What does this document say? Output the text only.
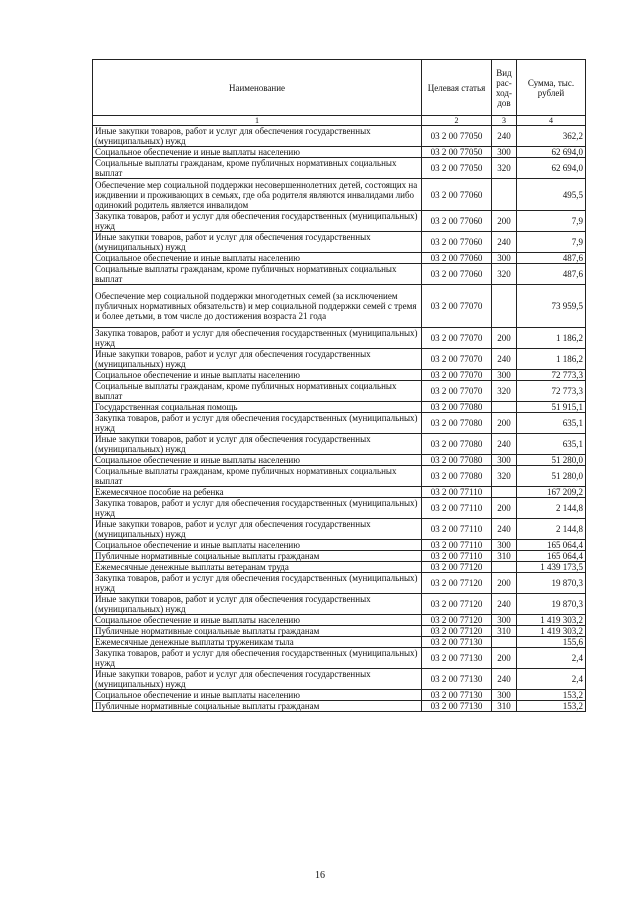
Наименование	Целевая статья	Вид рас-ход-дов	Сумма, тыс. рублей
1	2	3	4
Иные закупки товаров, работ и услуг для обеспечения государственных (муниципальных) нужд	03 2 00 77050	240	362,2
Социальное обеспечение и иные выплаты населению	03 2 00 77050	300	62 694,0
Социальные выплаты гражданам, кроме публичных нормативных социальных выплат	03 2 00 77050	320	62 694,0
Обеспечение мер социальной поддержки несовершеннолетних детей, состоящих на иждивении и проживающих в семьях, где оба родителя являются инвалидами либо одинокий родитель является инвалидом	03 2 00 77060		495,5
Закупка товаров, работ и услуг для обеспечения государственных (муниципальных) нужд	03 2 00 77060	200	7,9
Иные закупки товаров, работ и услуг для обеспечения государственных (муниципальных) нужд	03 2 00 77060	240	7,9
Социальное обеспечение и иные выплаты населению	03 2 00 77060	300	487,6
Социальные выплаты гражданам, кроме публичных нормативных социальных выплат	03 2 00 77060	320	487,6
Обеспечение мер социальной поддержки многодетных семей (за исключением публичных нормативных обязательств) и мер социальной поддержки семей с тремя и более детьми, в том числе до достижения возраста 21 года	03 2 00 77070		73 959,5
Закупка товаров, работ и услуг для обеспечения государственных (муниципальных) нужд	03 2 00 77070	200	1 186,2
Иные закупки товаров, работ и услуг для обеспечения государственных (муниципальных) нужд	03 2 00 77070	240	1 186,2
Социальное обеспечение и иные выплаты населению	03 2 00 77070	300	72 773,3
Социальные выплаты гражданам, кроме публичных нормативных социальных выплат	03 2 00 77070	320	72 773,3
Государственная социальная помощь	03 2 00 77080		51 915,1
Закупка товаров, работ и услуг для обеспечения государственных (муниципальных) нужд	03 2 00 77080	200	635,1
Иные закупки товаров, работ и услуг для обеспечения государственных (муниципальных) нужд	03 2 00 77080	240	635,1
Социальное обеспечение и иные выплаты населению	03 2 00 77080	300	51 280,0
Социальные выплаты гражданам, кроме публичных нормативных социальных выплат	03 2 00 77080	320	51 280,0
Ежемесячное пособие на ребенка	03 2 00 77110		167 209,2
Закупка товаров, работ и услуг для обеспечения государственных (муниципальных) нужд	03 2 00 77110	200	2 144,8
Иные закупки товаров, работ и услуг для обеспечения государственных (муниципальных) нужд	03 2 00 77110	240	2 144,8
Социальное обеспечение и иные выплаты населению	03 2 00 77110	300	165 064,4
Публичные нормативные социальные выплаты гражданам	03 2 00 77110	310	165 064,4
Ежемесячные денежные выплаты ветеранам труда	03 2 00 77120		1 439 173,5
Закупка товаров, работ и услуг для обеспечения государственных (муниципальных) нужд	03 2 00 77120	200	19 870,3
Иные закупки товаров, работ и услуг для обеспечения государственных (муниципальных) нужд	03 2 00 77120	240	19 870,3
Социальное обеспечение и иные выплаты населению	03 2 00 77120	300	1 419 303,2
Публичные нормативные социальные выплаты гражданам	03 2 00 77120	310	1 419 303,2
Ежемесячные денежные выплаты труженикам тыла	03 2 00 77130		155,6
Закупка товаров, работ и услуг для обеспечения государственных (муниципальных) нужд	03 2 00 77130	200	2,4
Иные закупки товаров, работ и услуг для обеспечения государственных (муниципальных) нужд	03 2 00 77130	240	2,4
Социальное обеспечение и иные выплаты населению	03 2 00 77130	300	153,2
Публичные нормативные социальные выплаты гражданам	03 2 00 77130	310	153,2
16
